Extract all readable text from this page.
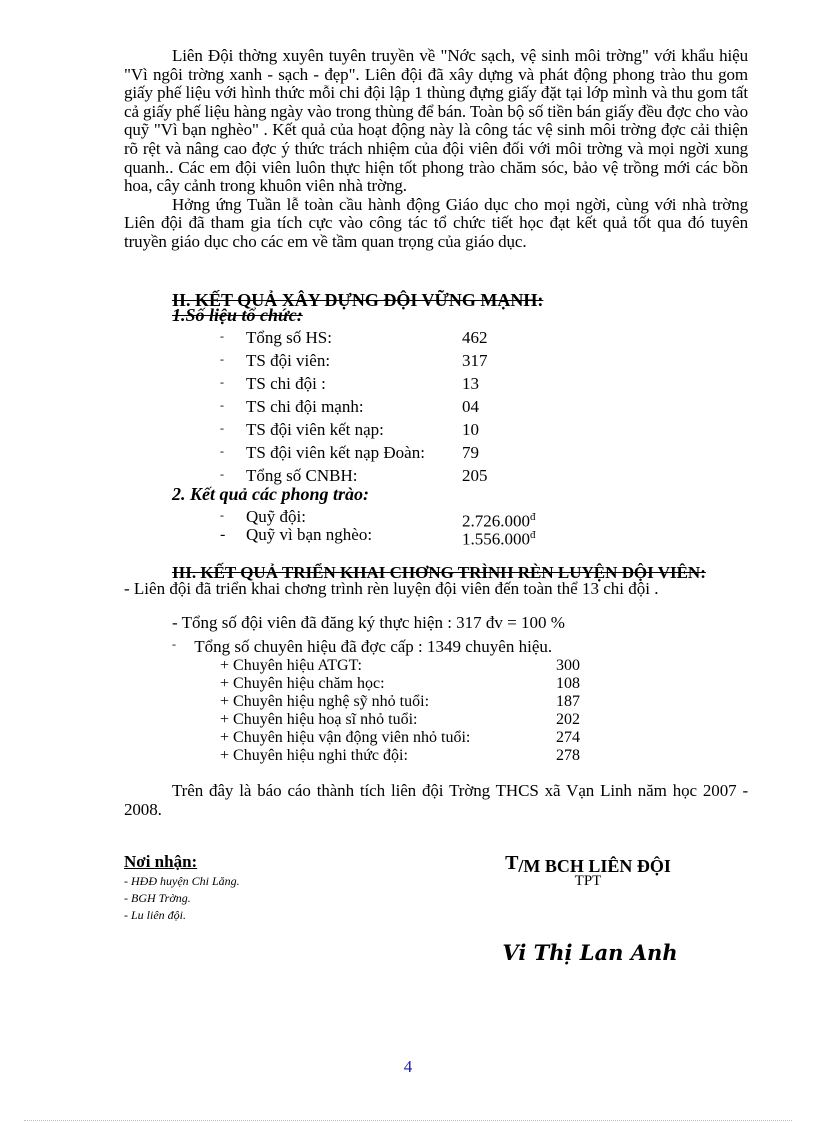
Liên Đội thờng xuyên tuyên truyền về "Nớc sạch, vệ sinh môi trờng" với khẩu hiệu "Vì ngôi trờng xanh - sạch - đẹp". Liên đội đã xây dựng và phát động phong trào thu gom giấy phế liệu với hình thức mỗi chi đội lập 1 thùng đựng giấy đặt tại lớp mình và thu gom tất cả giấy phế liệu hàng ngày vào trong thùng để bán. Toàn bộ số tiền bán giấy đều đợc cho vào quỹ "Vì bạn nghèo" . Kết quả của hoạt động này là công tác vệ sinh môi trờng đợc cải thiện rõ rệt và nâng cao đợc ý thức trách nhiệm của đội viên đối với môi trờng và mọi ngời xung quanh.. Các em đội viên luôn thực hiện tốt phong trào chăm sóc, bảo vệ trồng mới các bồn hoa, cây cảnh trong khuôn viên nhà trờng.

Hởng ứng Tuần lễ toàn cầu hành động Giáo dục cho mọi ngời, cùng với nhà trờng Liên đội đã tham gia tích cực vào công tác tổ chức tiết học đạt kết quả tốt qua đó tuyên truyền giáo dục cho các em về tầm quan trọng của giáo dục.

II. KẾT QUẢ XÂY DỰNG ĐỘI VỮNG MẠNH:
1.Số liệu tổ chức:
- Tổng số HS:	462
- TS đội viên:	317
- TS chi đội :	13
- TS chi đội mạnh:	04
- TS đội viên kết nạp:	10
- TS đội viên kết nạp Đoàn: 79
- Tổng số CNBH:	205
2. Kết quả các phong trào:
- Quỹ đội:	$2.726.000^đ$
- Quỹ vì bạn nghèo:	$1.556.000^đ$
III. KẾT QUẢ TRIỂN KHAI CHƠNG TRÌNH RÈN LUYỆN ĐỘI VIÊN:
- Liên đội đã triển khai chơng trình rèn luyện đội viên đến toàn thể 13 chi đội .
- Tổng số đội viên đã đăng ký thực hiện : 317 đv = 100 %
- Tổng số chuyên hiệu đã đợc cấp : 1349 chuyên hiệu.
+ Chuyên hiệu ATGT:	300
+ Chuyên hiệu chăm học:	108
+ Chuyên hiệu nghệ sỹ nhỏ tuổi:	187
+ Chuyên hiệu hoạ sĩ nhỏ tuổi:	202
+ Chuyên hiệu vận động viên nhỏ tuổi:	274
+ Chuyên hiệu nghi thức đội:	278

Trên đây là báo cáo thành tích liên đội Trờng THCS xã Vạn Linh năm học 2007 - 2008.

Nơi nhận:
- HĐĐ huyện Chi Lăng.
- BGH Trờng.
- Lu liên đội.
T/M BCH LIÊN ĐỘI
TPT
Vi Thị Lan Anh
4
